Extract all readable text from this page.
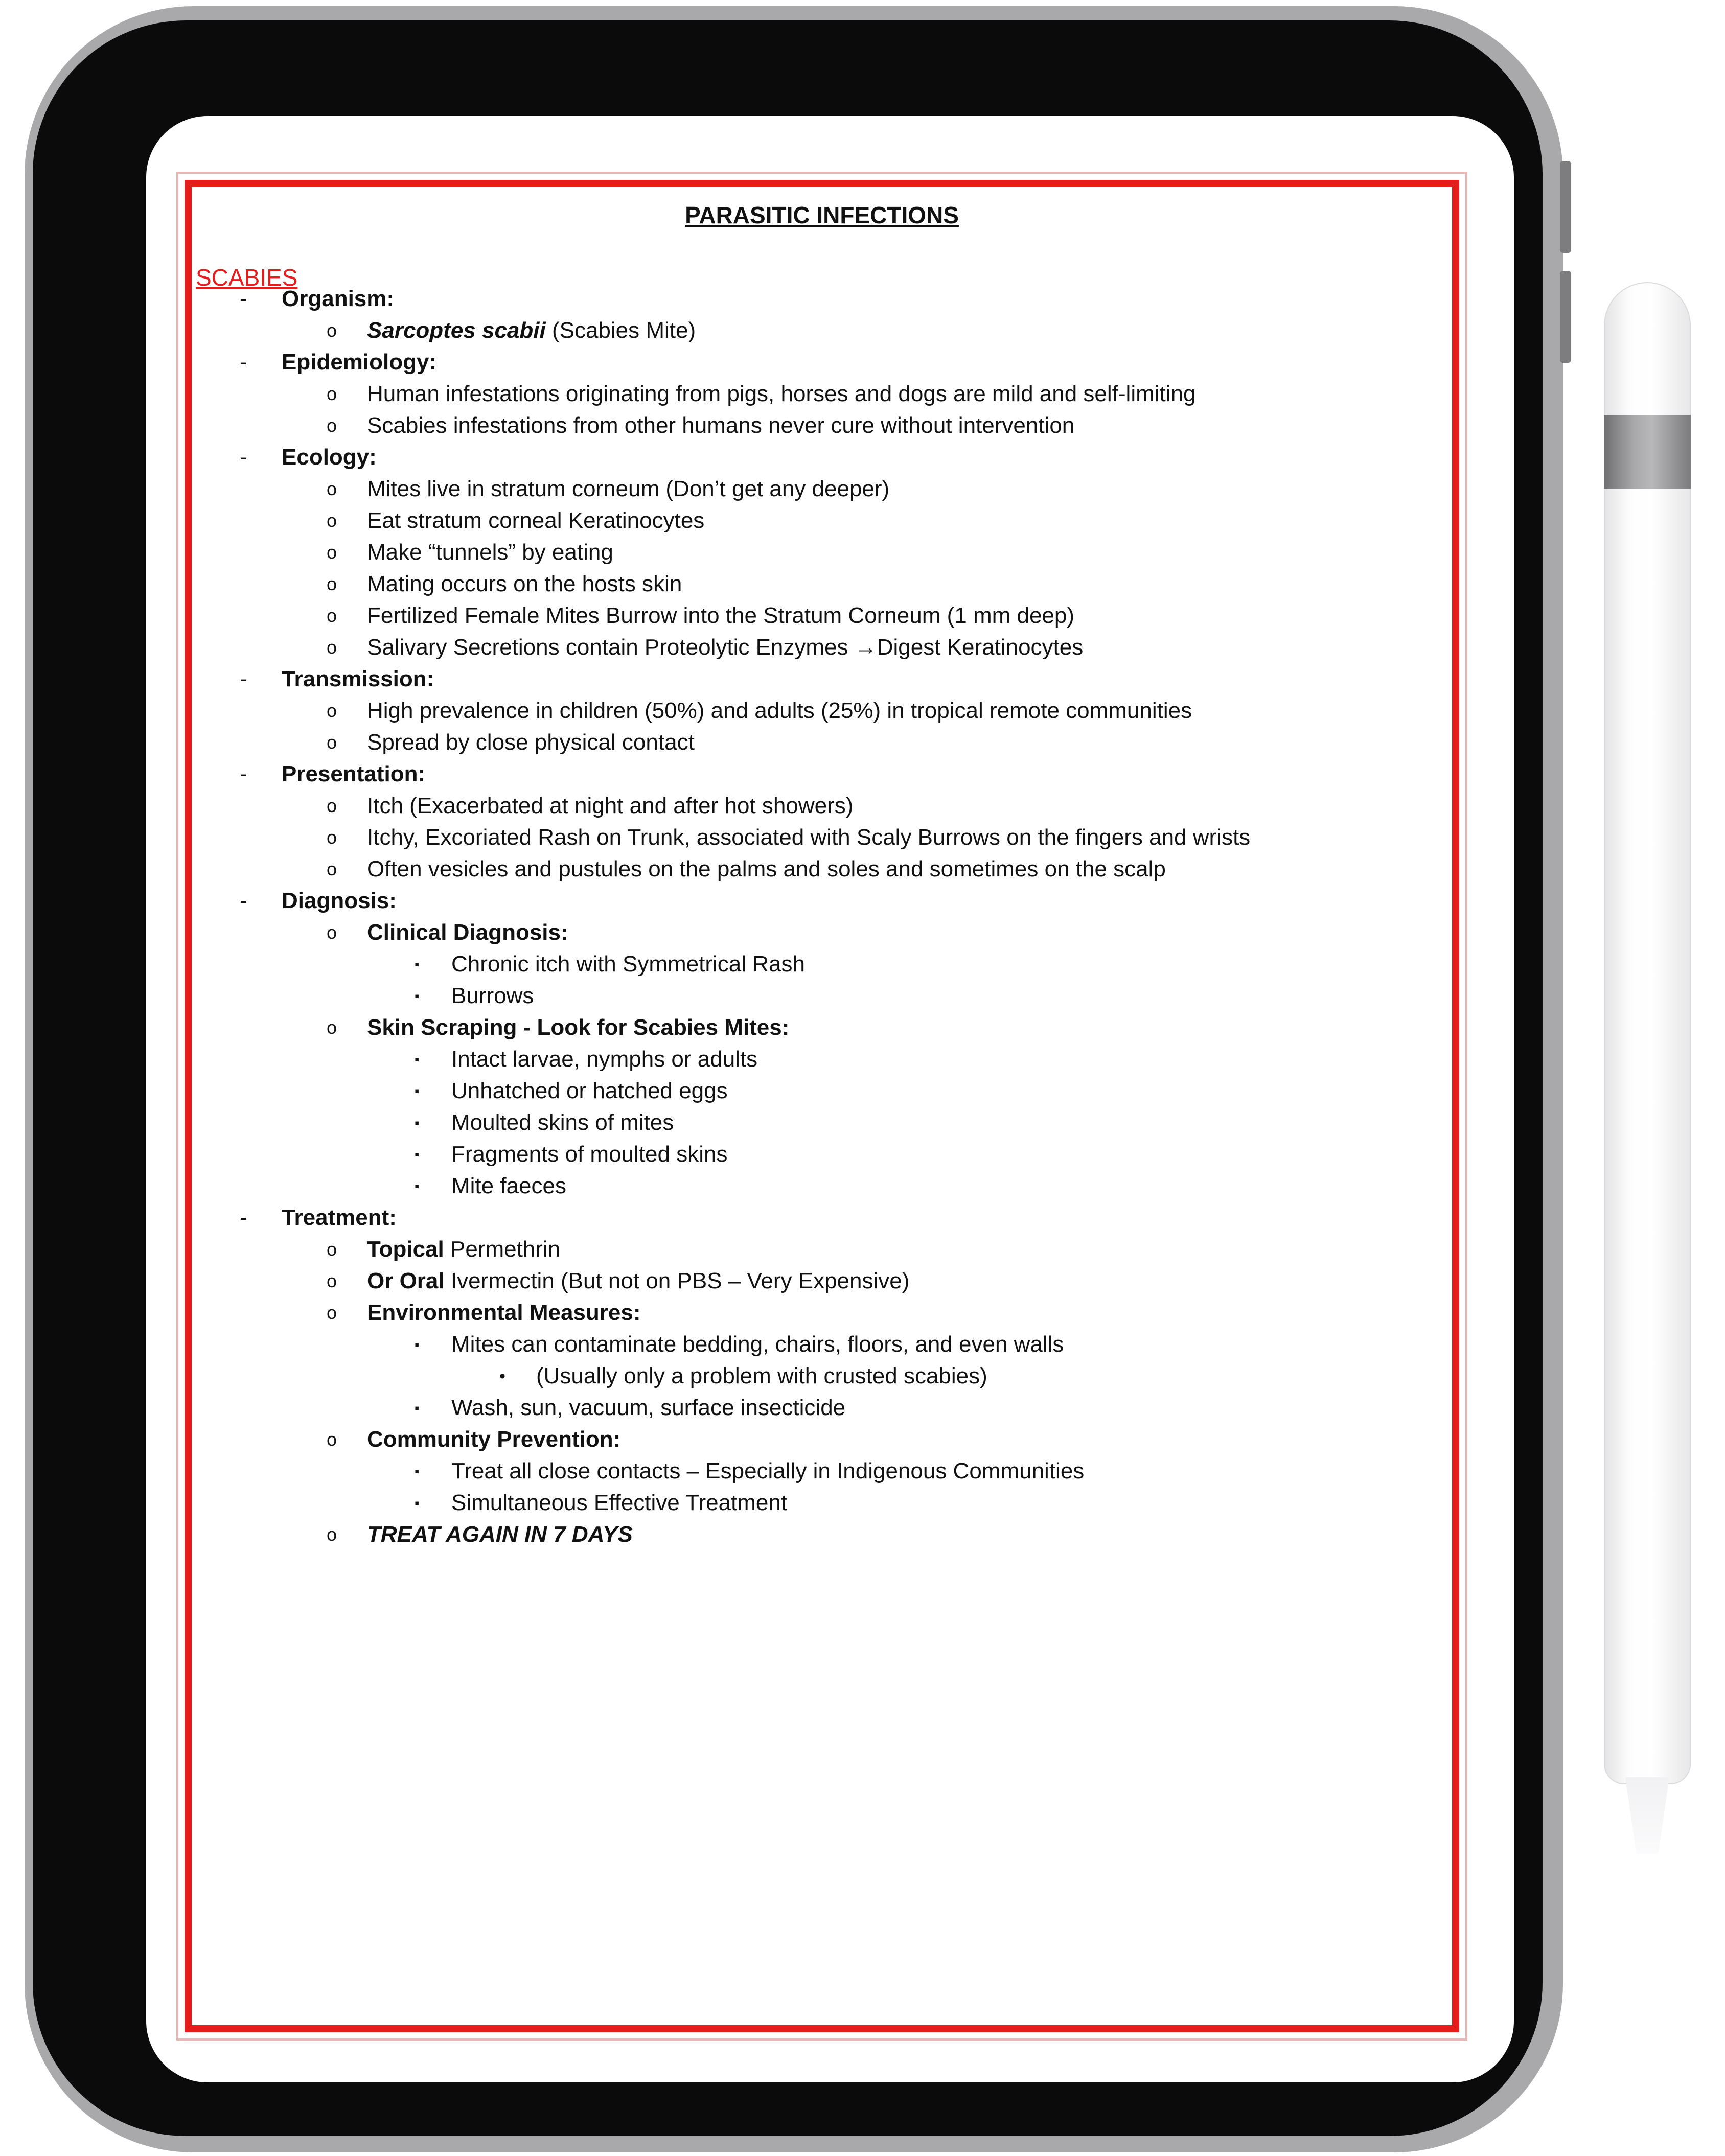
PARASITIC INFECTIONS
SCABIES
- Organism:
o Sarcoptes scabii (Scabies Mite)
- Epidemiology:
o Human infestations originating from pigs, horses and dogs are mild and self-limiting
o Scabies infestations from other humans never cure without intervention
- Ecology:
o Mites live in stratum corneum (Don’t get any deeper)
o Eat stratum corneal Keratinocytes
o Make “tunnels” by eating
o Mating occurs on the hosts skin
o Fertilized Female Mites Burrow into the Stratum Corneum (1 mm deep)
o Salivary Secretions contain Proteolytic Enzymes →Digest Keratinocytes
- Transmission:
o High prevalence in children (50%) and adults (25%) in tropical remote communities
o Spread by close physical contact
- Presentation:
o Itch (Exacerbated at night and after hot showers)
o Itchy, Excoriated Rash on Trunk, associated with Scaly Burrows on the fingers and wrists
o Often vesicles and pustules on the palms and soles and sometimes on the scalp
- Diagnosis:
o Clinical Diagnosis:
▪ Chronic itch with Symmetrical Rash
▪ Burrows
o Skin Scraping - Look for Scabies Mites:
▪ Intact larvae, nymphs or adults
▪ Unhatched or hatched eggs
▪ Moulted skins of mites
▪ Fragments of moulted skins
▪ Mite faeces
- Treatment:
o Topical Permethrin
o Or Oral Ivermectin (But not on PBS – Very Expensive)
o Environmental Measures:
▪ Mites can contaminate bedding, chairs, floors, and even walls
• (Usually only a problem with crusted scabies)
▪ Wash, sun, vacuum, surface insecticide
o Community Prevention:
▪ Treat all close contacts – Especially in Indigenous Communities
▪ Simultaneous Effective Treatment
o TREAT AGAIN IN 7 DAYS
